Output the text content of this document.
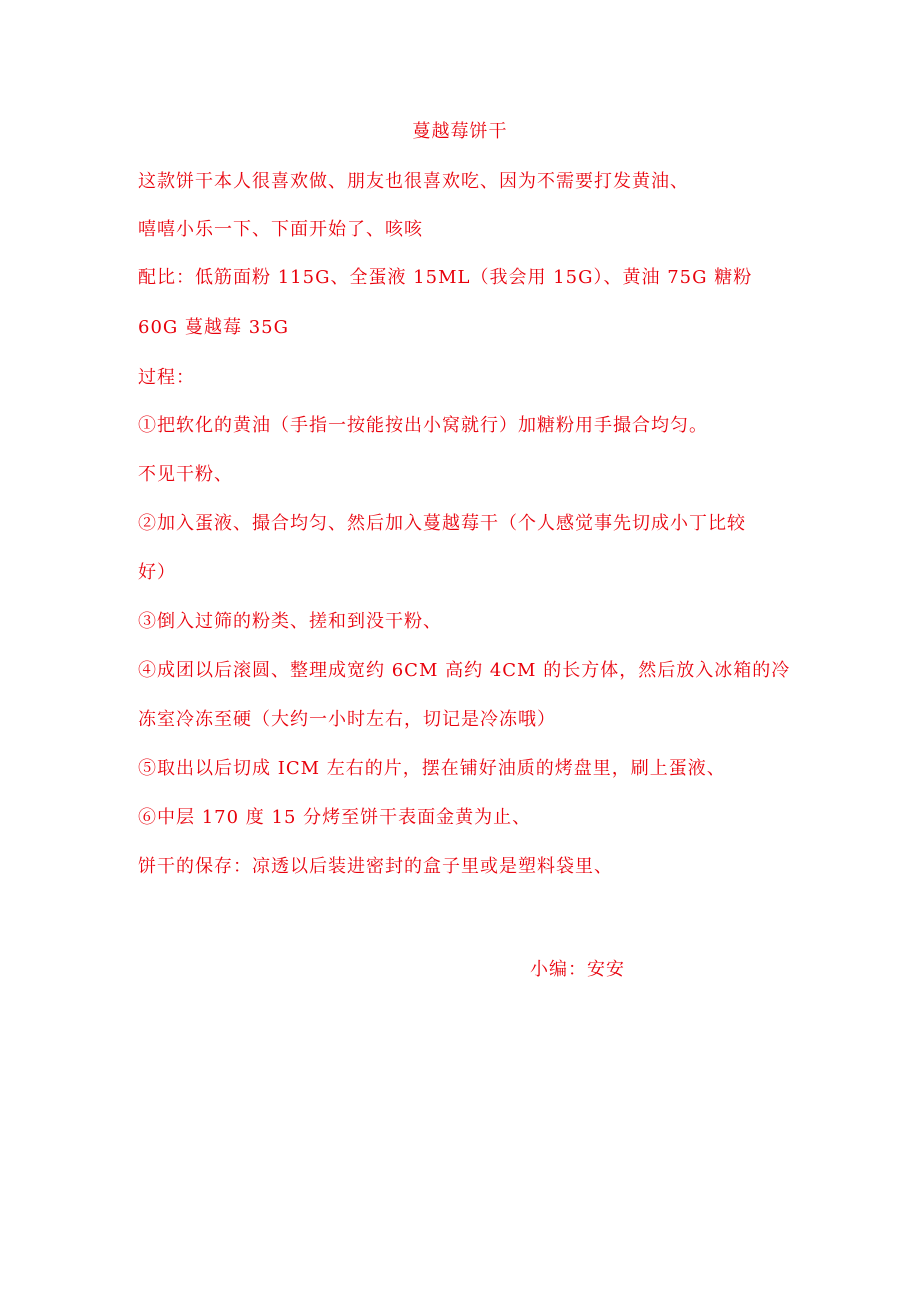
蔓越莓饼干
这款饼干本人很喜欢做、朋友也很喜欢吃、因为不需要打发黄油、
嘻嘻小乐一下、下面开始了、咳咳
配比：低筋面粉 115G、全蛋液 15ML（我会用 15G）、黄油 75G 糖粉
60G 蔓越莓 35G
过程：
①把软化的黄油（手指一按能按出小窝就行）加糖粉用手撮合均匀。
不见干粉、
②加入蛋液、撮合均匀、然后加入蔓越莓干（个人感觉事先切成小丁比较
好）
③倒入过筛的粉类、搓和到没干粉、
④成团以后滚圆、整理成宽约 6CM 高约 4CM 的长方体，然后放入冰箱的冷
冻室冷冻至硬（大约一小时左右，切记是冷冻哦）
⑤取出以后切成 ICM 左右的片，摆在铺好油质的烤盘里，刷上蛋液、
⑥中层 170 度 15 分烤至饼干表面金黄为止、
饼干的保存：凉透以后装进密封的盒子里或是塑料袋里、
小编：安安
